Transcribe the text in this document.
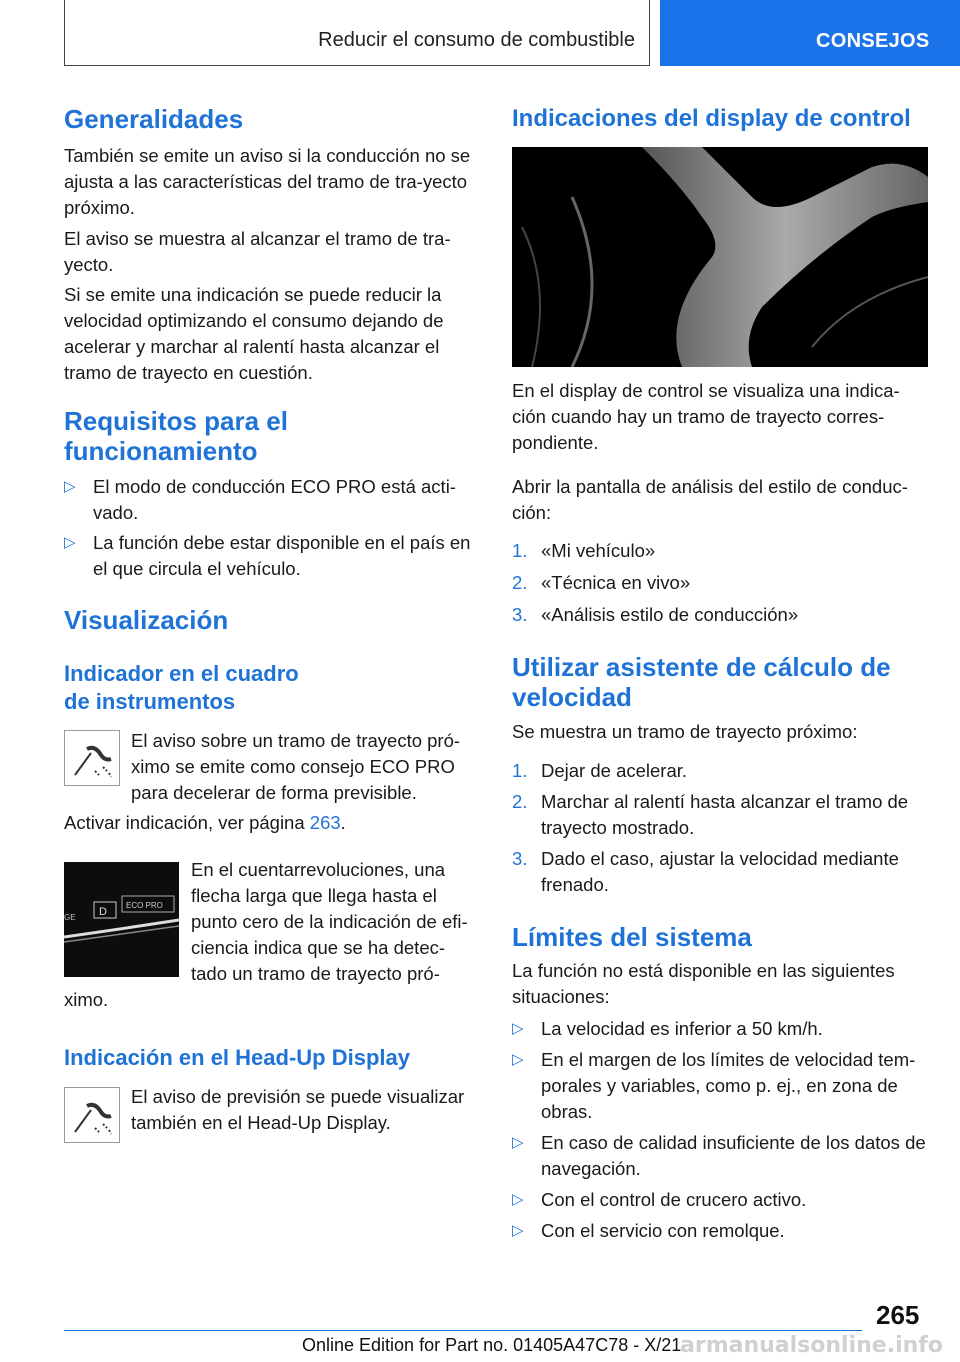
Reducir el consumo de combustible	CONSEJOS
Generalidades

También se emite un aviso si la conducción no se ajusta a las características del tramo de tra-yecto próximo.

El aviso se muestra al alcanzar el tramo de tra-yecto.

Si se emite una indicación se puede reducir la velocidad optimizando el consumo dejando de acelerar y marchar al ralentí hasta alcanzar el tramo de trayecto en cuestión.

Requisitos para el
funcionamiento
▷ El modo de conducción ECO PRO está acti-vado.
▷ La función debe estar disponible en el país en el que circula el vehículo.
Visualización
Indicador en el cuadro
de instrumentos

El aviso sobre un tramo de trayecto pró-ximo se emite como consejo ECO PRO para decelerar de forma previsible.

Activar indicación, ver página 263.

D
ECO PRO
GE

En el cuentarrevoluciones, una flecha larga que llega hasta el punto cero de la indicación de efi-ciencia indica que se ha detec-tado un tramo de trayecto pró-

ximo.

Indicación en el Head-Up Display

El aviso de previsión se puede visualizar también en el Head-Up Display.

Indicaciones del display de control

En el display de control se visualiza una indica-ción cuando hay un tramo de trayecto corres-pondiente.

Abrir la pantalla de análisis del estilo de conduc-ción:

1. «Mi vehículo»
2. «Técnica en vivo»
3. «Análisis estilo de conducción»
Utilizar asistente de cálculo de
velocidad

Se muestra un tramo de trayecto próximo:

1. Dejar de acelerar.
2. Marchar al ralentí hasta alcanzar el tramo de trayecto mostrado.
3. Dado el caso, ajustar la velocidad mediante frenado.
Límites del sistema

La función no está disponible en las siguientes situaciones:

▷ La velocidad es inferior a 50 km/h.
▷ En el margen de los límites de velocidad tem-porales y variables, como p. ej., en zona de obras.
▷ En caso de calidad insuficiente de los datos de navegación.
▷ Con el control de crucero activo.
▷ Con el servicio con remolque.
265
Online Edition for Part no. 01405A47C78 - X/21
armanualsonline.info
